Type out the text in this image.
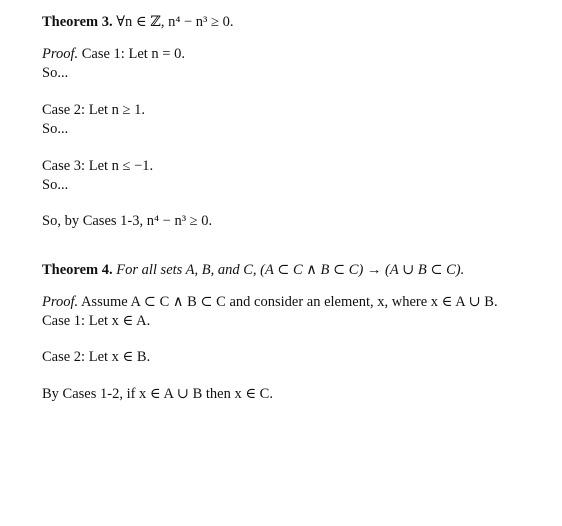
Theorem 3. ∀n ∈ ℤ, n⁴ − n³ ≥ 0.
Proof. Case 1: Let n = 0.
So...
Case 2: Let n ≥ 1.
So...
Case 3: Let n ≤ −1.
So...
So, by Cases 1-3, n⁴ − n³ ≥ 0.
Theorem 4. For all sets A, B, and C, (A ⊂ C ∧ B ⊂ C) → (A ∪ B ⊂ C).
Proof. Assume A ⊂ C ∧ B ⊂ C and consider an element, x, where x ∈ A ∪ B.
Case 1: Let x ∈ A.
Case 2: Let x ∈ B.
By Cases 1-2, if x ∈ A ∪ B then x ∈ C.
